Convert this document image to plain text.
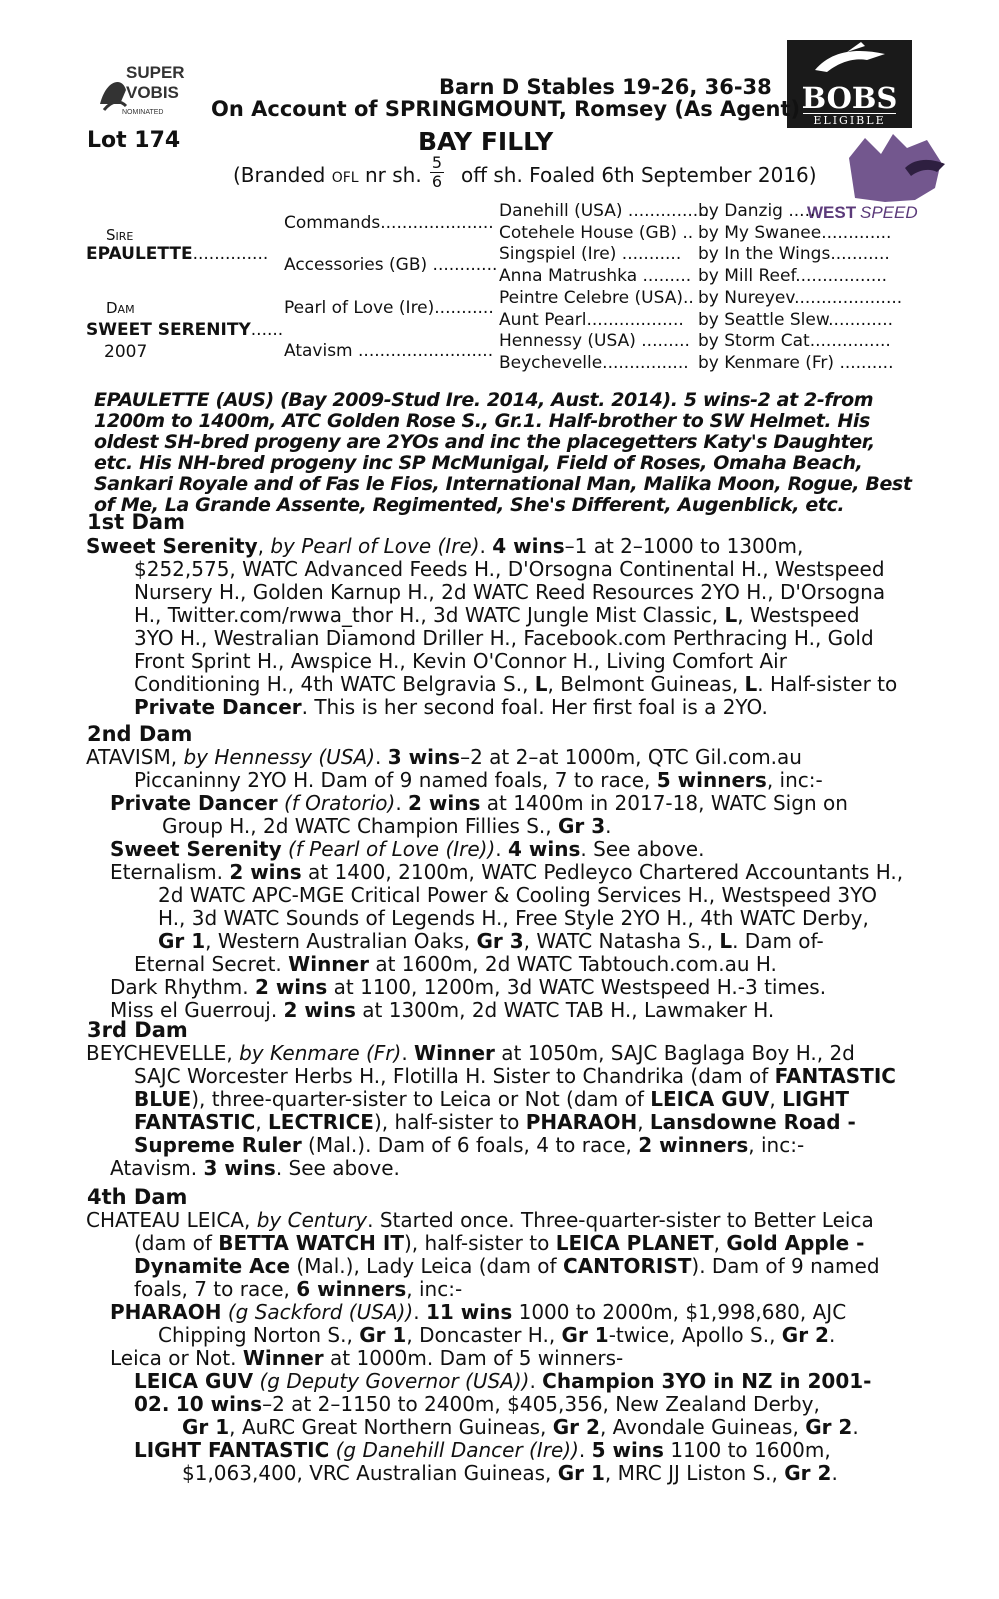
SUPER
VOBIS
NOMINATED	BOBS
ELIGIBLE
WEST SPEED
Barn D Stables 19-26, 36-38
On Account of SPRINGMOUNT, Romsey (As Agent)
Lot 174	BAY FILLY
(Branded OFL nr sh. $\frac{5}{6}$ off sh. Foaled 6th September 2016)
Sire
EPAULETTE..............
Dam
SWEET SERENITY......
2007
Commands.....................
Accessories (GB) ............
Pearl of Love (Ire)...........
Atavism .........................
Danehill (USA) ...............
by Danzig .....
Cotehele House (GB) .. by My Swanee.............
Singspiel (Ire) ........... by In the Wings...........
Anna Matrushka ......... by Mill Reef.................
Peintre Celebre (USA).. by Nureyev....................
Aunt Pearl.................. by Seattle Slew............
Hennessy (USA) ......... by Storm Cat...............
Beychevelle................ by Kenmare (Fr) ..........
EPAULETTE (AUS) (Bay 2009-Stud Ire. 2014, Aust. 2014). 5 wins-2 at 2-from
1200m to 1400m, ATC Golden Rose S., Gr.1. Half-brother to SW Helmet. His
oldest SH-bred progeny are 2YOs and inc the placegetters Katy's Daughter,
etc. His NH-bred progeny inc SP McMunigal, Field of Roses, Omaha Beach,
Sankari Royale and of Fas le Fios, International Man, Malika Moon, Rogue, Best
of Me, La Grande Assente, Regimented, She's Different, Augenblick, etc.
1st Dam
Sweet Serenity, by Pearl of Love (Ire). 4 wins–1 at 2–1000 to 1300m,
$252,575, WATC Advanced Feeds H., D'Orsogna Continental H., Westspeed
Nursery H., Golden Karnup H., 2d WATC Reed Resources 2YO H., D'Orsogna
H., Twitter.com/rwwa_thor H., 3d WATC Jungle Mist Classic, L, Westspeed
3YO H., Westralian Diamond Driller H., Facebook.com Perthracing H., Gold
Front Sprint H., Awspice H., Kevin O'Connor H., Living Comfort Air
Conditioning H., 4th WATC Belgravia S., L, Belmont Guineas, L. Half-sister to
Private Dancer. This is her second foal. Her first foal is a 2YO.
2nd Dam
ATAVISM, by Hennessy (USA). 3 wins–2 at 2–at 1000m, QTC Gil.com.au
Piccaninny 2YO H. Dam of 9 named foals, 7 to race, 5 winners, inc:-
Private Dancer (f Oratorio). 2 wins at 1400m in 2017-18, WATC Sign on
Group H., 2d WATC Champion Fillies S., Gr 3.
Sweet Serenity (f Pearl of Love (Ire)). 4 wins. See above.
Eternalism. 2 wins at 1400, 2100m, WATC Pedleyco Chartered Accountants H.,
2d WATC APC-MGE Critical Power & Cooling Services H., Westspeed 3YO
H., 3d WATC Sounds of Legends H., Free Style 2YO H., 4th WATC Derby,
Gr 1, Western Australian Oaks, Gr 3, WATC Natasha S., L. Dam of-
Eternal Secret. Winner at 1600m, 2d WATC Tabtouch.com.au H.
Dark Rhythm. 2 wins at 1100, 1200m, 3d WATC Westspeed H.-3 times.
Miss el Guerrouj. 2 wins at 1300m, 2d WATC TAB H., Lawmaker H.
3rd Dam
BEYCHEVELLE, by Kenmare (Fr). Winner at 1050m, SAJC Baglaga Boy H., 2d
SAJC Worcester Herbs H., Flotilla H. Sister to Chandrika (dam of FANTASTIC
BLUE), three-quarter-sister to Leica or Not (dam of LEICA GUV, LIGHT
FANTASTIC, LECTRICE), half-sister to PHARAOH, Lansdowne Road -
Supreme Ruler (Mal.). Dam of 6 foals, 4 to race, 2 winners, inc:-
Atavism. 3 wins. See above.
4th Dam
CHATEAU LEICA, by Century. Started once. Three-quarter-sister to Better Leica
(dam of BETTA WATCH IT), half-sister to LEICA PLANET, Gold Apple -
Dynamite Ace (Mal.), Lady Leica (dam of CANTORIST). Dam of 9 named
foals, 7 to race, 6 winners, inc:-
PHARAOH (g Sackford (USA)). 11 wins 1000 to 2000m, $1,998,680, AJC
Chipping Norton S., Gr 1, Doncaster H., Gr 1-twice, Apollo S., Gr 2.
Leica or Not. Winner at 1000m. Dam of 5 winners-
LEICA GUV (g Deputy Governor (USA)). Champion 3YO in NZ in 2001-
02. 10 wins–2 at 2–1150 to 2400m, $405,356, New Zealand Derby,
Gr 1, AuRC Great Northern Guineas, Gr 2, Avondale Guineas, Gr 2.
LIGHT FANTASTIC (g Danehill Dancer (Ire)). 5 wins 1100 to 1600m,
$1,063,400, VRC Australian Guineas, Gr 1, MRC JJ Liston S., Gr 2.
